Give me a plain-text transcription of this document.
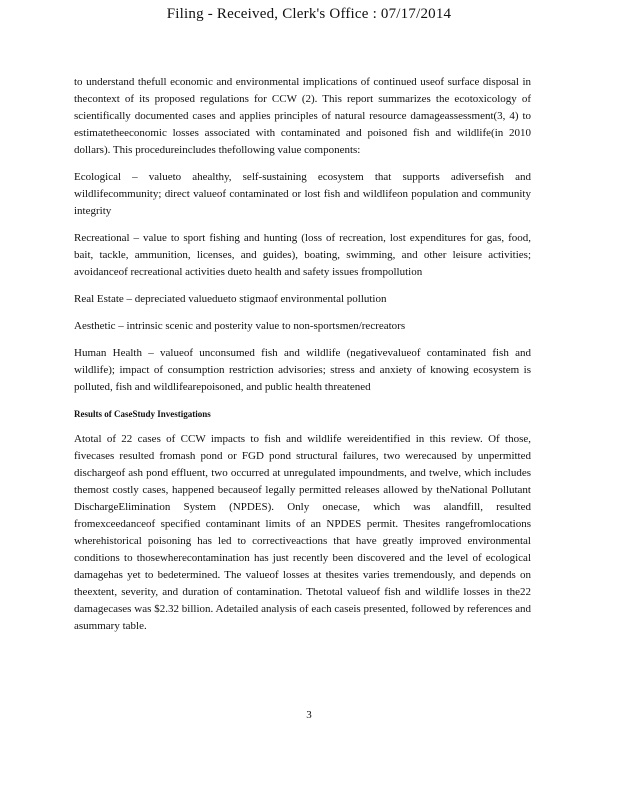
Filing - Received, Clerk's Office : 07/17/2014

to understand thefull economic and environmental implications of continued useof surface disposal in thecontext of its proposed regulations for CCW (2). This report summarizes the ecotoxicology of scientifically documented cases and applies principles of natural resource damageassessment(3, 4) to estimatetheeconomic losses associated with contaminated and poisoned fish and wildlife(in 2010 dollars). This procedureincludes thefollowing value components:

Ecological – valueto ahealthy, self-sustaining ecosystem that supports adiversefish and wildlifecommunity; direct valueof contaminated or lost fish and wildlifeon population and community integrity

Recreational – value to sport fishing and hunting (loss of recreation, lost expenditures for gas, food, bait, tackle, ammunition, licenses, and guides), boating, swimming, and other leisure activities; avoidanceof recreational activities dueto health and safety issues frompollution

Real Estate – depreciated valuedueto stigmaof environmental pollution

Aesthetic – intrinsic scenic and posterity value to non-sportsmen/recreators

Human Health – valueof unconsumed fish and wildlife (negativevalueof contaminated fish and wildlife); impact of consumption restriction advisories; stress and anxiety of knowing ecosystem is polluted, fish and wildlifearepoisoned, and public health threatened

Results of CaseStudy Investigations

Atotal of 22 cases of CCW impacts to fish and wildlife wereidentified in this review. Of those, fivecases resulted fromash pond or FGD pond structural failures, two werecaused by unpermitted dischargeof ash pond effluent, two occurred at unregulated impoundments, and twelve, which includes themost costly cases, happened becauseof legally permitted releases allowed by theNational Pollutant DischargeElimination System (NPDES). Only onecase, which was alandfill, resulted fromexceedanceof specified contaminant limits of an NPDES permit. Thesites rangefromlocations wherehistorical poisoning has led to correctiveactions that have greatly improved environmental conditions to thosewherecontamination has just recently been discovered and the level of ecological damagehas yet to bedetermined. The valueof losses at thesites varies tremendously, and depends on theextent, severity, and duration of contamination. Thetotal valueof fish and wildlife losses in the22 damagecases was $2.32 billion. Adetailed analysis of each caseis presented, followed by references and asummary table.

3
